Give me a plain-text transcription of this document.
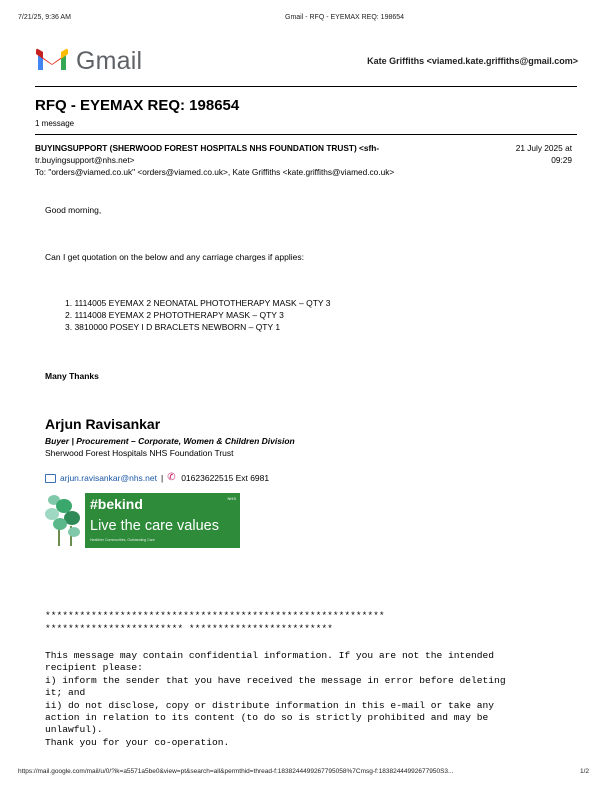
7/21/25, 9:36 AM	Gmail - RFQ - EYEMAX REQ: 198654
Gmail	Kate Griffiths <viamed.kate.griffiths@gmail.com>
RFQ - EYEMAX REQ: 198654
1 message
BUYINGSUPPORT (SHERWOOD FOREST HOSPITALS NHS FOUNDATION TRUST) <sfh-
tr.buyingsupport@nhs.net>
21 July 2025 at
09:29
To: "orders@viamed.co.uk" <orders@viamed.co.uk>, Kate Griffiths <kate.griffiths@viamed.co.uk>
Good morning,
Can I get quotation on the below and any carriage charges if applies:
1. 1114005 EYEMAX 2 NEONATAL PHOTOTHERAPY MASK – QTY 3
2. 1114008 EYEMAX 2 PHOTOTHERAPY MASK – QTY 3
3. 3810000 POSEY I D BRACLETS NEWBORN – QTY 1
Many Thanks
Arjun Ravisankar
Buyer | Procurement – Corporate, Women & Children Division
Sherwood Forest Hospitals NHS Foundation Trust
arjun.ravisankar@nhs.net | ✆ 01623622515 Ext 6981
#bekind	NHS
Live the care values
Healthier Communities, Outstanding Care
***********************************************************
************************ *************************
This message may contain confidential information. If you are not the intended
recipient please:
i) inform the sender that you have received the message in error before deleting
it; and
ii) do not disclose, copy or distribute information in this e-mail or take any
action in relation to its content (to do so is strictly prohibited and may be
unlawful).
Thank you for your co-operation.
https://mail.google.com/mail/u/0/?ik=a5571a5be0&view=pt&search=all&permthid=thread-f:1838244499267795058%7Cmsg-f:18382444992677950S3...	1/2
